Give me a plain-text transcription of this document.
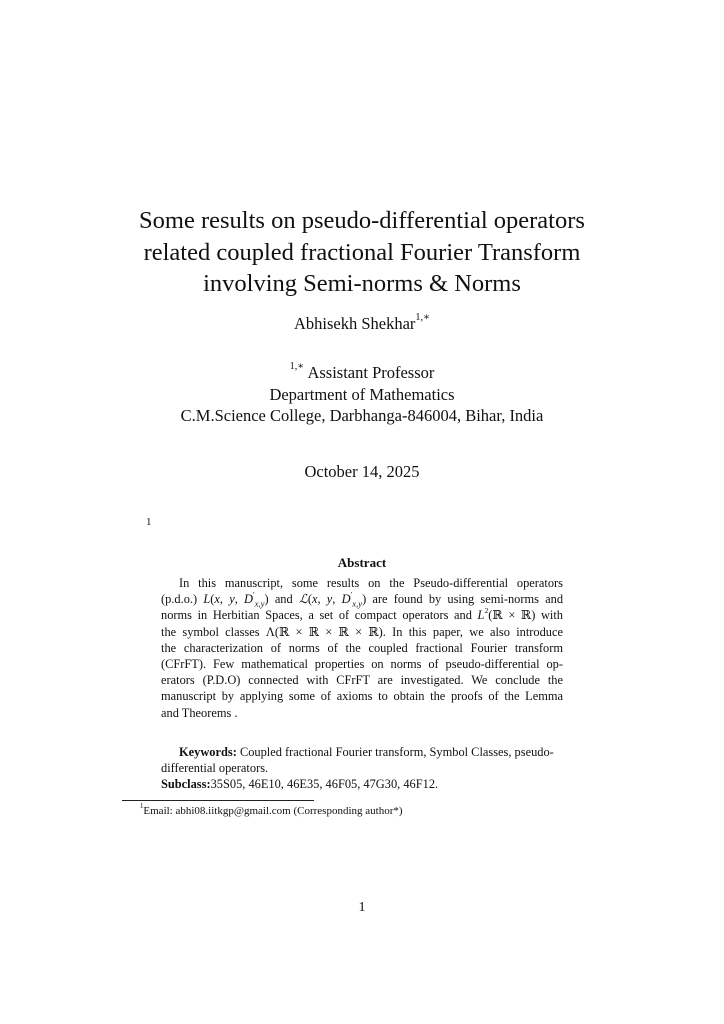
Some results on pseudo-differential operators
related coupled fractional Fourier Transform
involving Semi-norms & Norms
Abhisekh Shekhar$^{1,∗}$
$^{1,∗}$ Assistant Professor
Department of Mathematics
C.M.Science College, Darbhanga-846004, Bihar, India
October 14, 2025
1
Abstract
In this manuscript, some results on the Pseudo-differential operators
(p.d.o.) L(x, y, $D'_{x,y}$) and ℒ(x, y, $D'_{x,y}$) are found by using semi-norms and
norms in Herbitian Spaces, a set of compact operators and $L^2(ℝ$ × ℝ) with
the symbol classes Λ(ℝ × ℝ × ℝ × ℝ). In this paper, we also introduce
the characterization of norms of the coupled fractional Fourier transform
(CFrFT). Few mathematical properties on norms of pseudo-differential op-
erators (P.D.O) connected with CFrFT are investigated. We conclude the
manuscript by applying some of axioms to obtain the proofs of the Lemma
and Theorems .
Keywords: Coupled fractional Fourier transform, Symbol Classes, pseudo-
differential operators.
Subclass:35S05, 46E10, 46E35, 46F05, 47G30, 46F12.
$^1$Email: abhi08.iitkgp@gmail.com (Corresponding author*)
1
